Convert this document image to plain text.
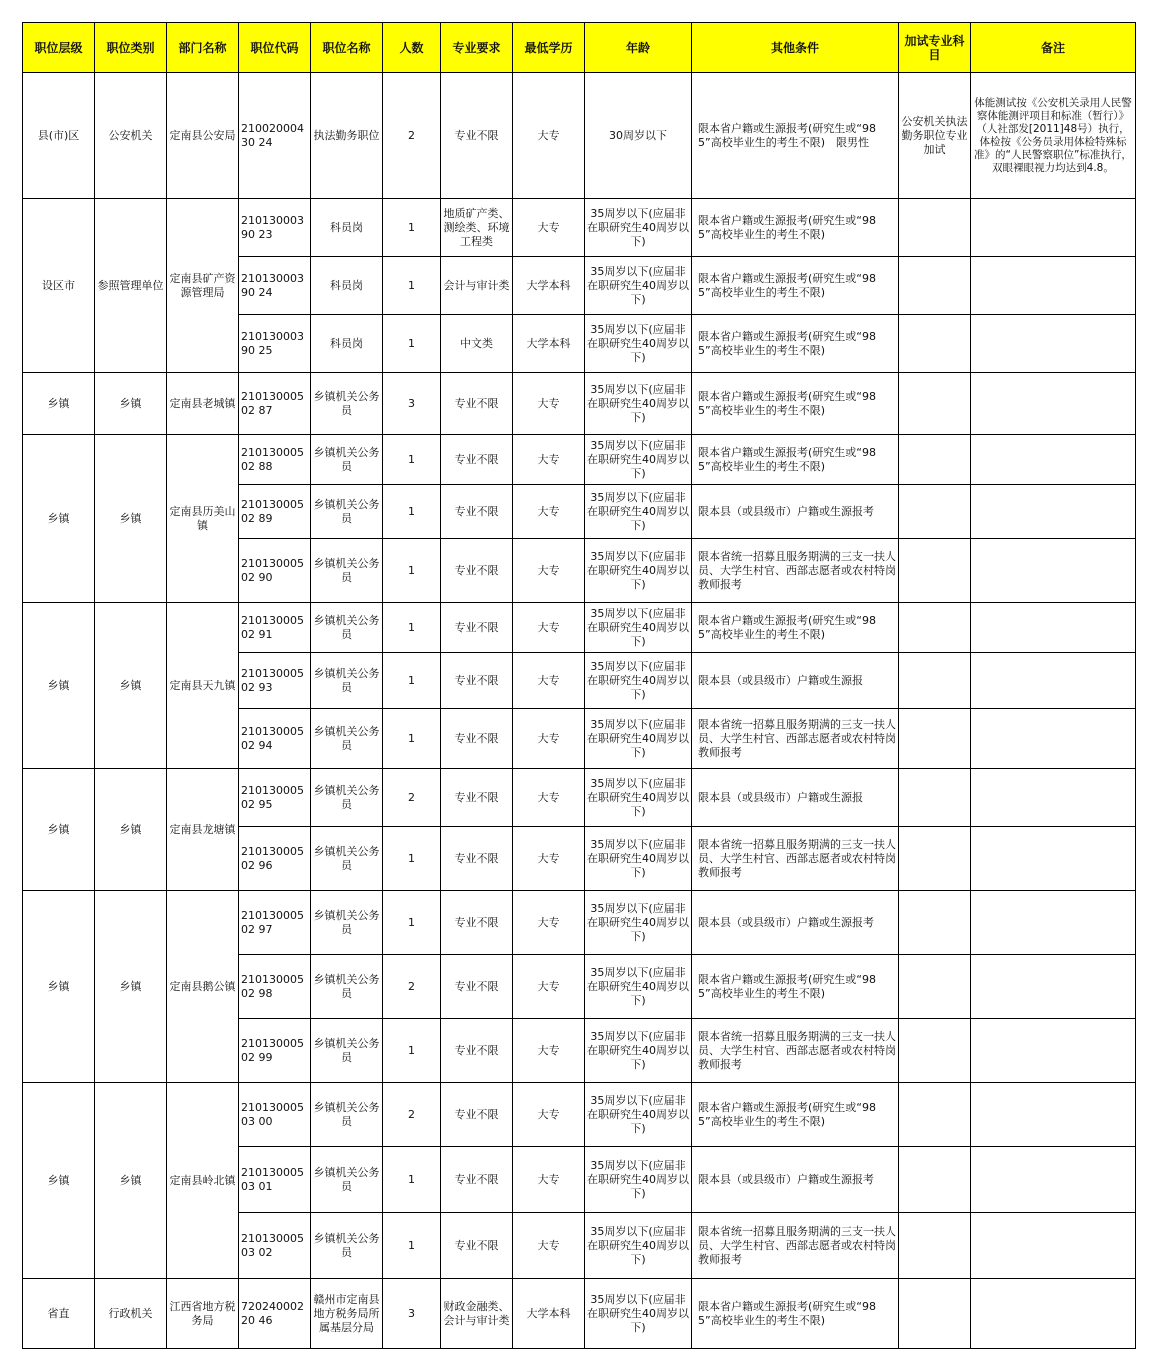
职位层级	职位类别	部门名称	职位代码	职位名称	人数	专业要求	最低学历	年龄	其他条件	加试专业科目	备注
县(市)区	公安机关	定南县公安局	21002000430 24	执法勤务职位	2	专业不限	大专	30周岁以下	限本省户籍或生源报考(研究生或“985”高校毕业生的考生不限)　限男性	公安机关执法勤务职位专业加试	体能测试按《公安机关录用人民警察体能测评项目和标准（暂行）》（人社部发[2011]48号）执行，体检按《公务员录用体检特殊标准》的“人民警察职位”标准执行，双眼裸眼视力均达到4.8。
设区市	参照管理单位	定南县矿产资源管理局	21013000390 23	科员岗	1	地质矿产类、测绘类、环境工程类	大专	35周岁以下(应届非在职研究生40周岁以下)	限本省户籍或生源报考(研究生或“985”高校毕业生的考生不限)		
			21013000390 24	科员岗	1	会计与审计类	大学本科	35周岁以下(应届非在职研究生40周岁以下)	限本省户籍或生源报考(研究生或“985”高校毕业生的考生不限)		
			21013000390 25	科员岗	1	中文类	大学本科	35周岁以下(应届非在职研究生40周岁以下)	限本省户籍或生源报考(研究生或“985”高校毕业生的考生不限)		
乡镇	乡镇	定南县老城镇	21013000502 87	乡镇机关公务员	3	专业不限	大专	35周岁以下(应届非在职研究生40周岁以下)	限本省户籍或生源报考(研究生或“985”高校毕业生的考生不限)		
乡镇	乡镇	定南县历美山镇	21013000502 88	乡镇机关公务员	1	专业不限	大专	35周岁以下(应届非在职研究生40周岁以下)	限本省户籍或生源报考(研究生或“985”高校毕业生的考生不限)		
			21013000502 89	乡镇机关公务员	1	专业不限	大专	35周岁以下(应届非在职研究生40周岁以下)	限本县（或县级市）户籍或生源报考		
			21013000502 90	乡镇机关公务员	1	专业不限	大专	35周岁以下(应届非在职研究生40周岁以下)	限本省统一招募且服务期满的三支一扶人员、大学生村官、西部志愿者或农村特岗教师报考		
乡镇	乡镇	定南县天九镇	21013000502 91	乡镇机关公务员	1	专业不限	大专	35周岁以下(应届非在职研究生40周岁以下)	限本省户籍或生源报考(研究生或“985”高校毕业生的考生不限)		
			21013000502 93	乡镇机关公务员	1	专业不限	大专	35周岁以下(应届非在职研究生40周岁以下)	限本县（或县级市）户籍或生源报		
			21013000502 94	乡镇机关公务员	1	专业不限	大专	35周岁以下(应届非在职研究生40周岁以下)	限本省统一招募且服务期满的三支一扶人员、大学生村官、西部志愿者或农村特岗教师报考		
乡镇	乡镇	定南县龙塘镇	21013000502 95	乡镇机关公务员	2	专业不限	大专	35周岁以下(应届非在职研究生40周岁以下)	限本县（或县级市）户籍或生源报		
			21013000502 96	乡镇机关公务员	1	专业不限	大专	35周岁以下(应届非在职研究生40周岁以下)	限本省统一招募且服务期满的三支一扶人员、大学生村官、西部志愿者或农村特岗教师报考		
乡镇	乡镇	定南县鹅公镇	21013000502 97	乡镇机关公务员	1	专业不限	大专	35周岁以下(应届非在职研究生40周岁以下)	限本县（或县级市）户籍或生源报考		
			21013000502 98	乡镇机关公务员	2	专业不限	大专	35周岁以下(应届非在职研究生40周岁以下)	限本省户籍或生源报考(研究生或“985”高校毕业生的考生不限)		
			21013000502 99	乡镇机关公务员	1	专业不限	大专	35周岁以下(应届非在职研究生40周岁以下)	限本省统一招募且服务期满的三支一扶人员、大学生村官、西部志愿者或农村特岗教师报考		
乡镇	乡镇	定南县岭北镇	21013000503 00	乡镇机关公务员	2	专业不限	大专	35周岁以下(应届非在职研究生40周岁以下)	限本省户籍或生源报考(研究生或“985”高校毕业生的考生不限)		
			21013000503 01	乡镇机关公务员	1	专业不限	大专	35周岁以下(应届非在职研究生40周岁以下)	限本县（或县级市）户籍或生源报考		
			21013000503 02	乡镇机关公务员	1	专业不限	大专	35周岁以下(应届非在职研究生40周岁以下)	限本省统一招募且服务期满的三支一扶人员、大学生村官、西部志愿者或农村特岗教师报考		
省直	行政机关	江西省地方税务局	72024000220 46	赣州市定南县地方税务局所属基层分局	3	财政金融类、会计与审计类	大学本科	35周岁以下(应届非在职研究生40周岁以下)	限本省户籍或生源报考(研究生或“985”高校毕业生的考生不限)		
